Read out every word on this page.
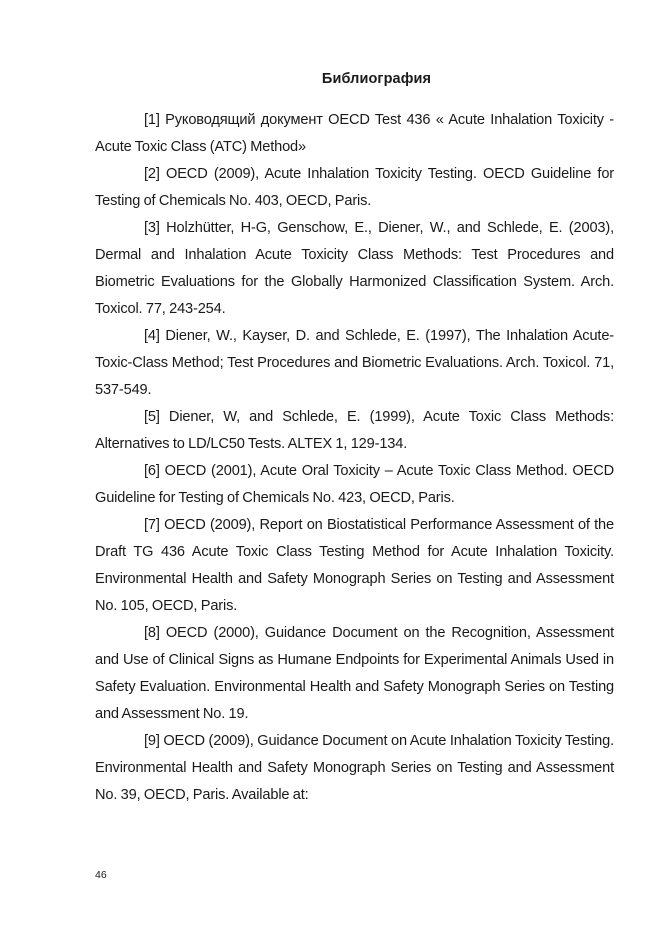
Библиография

[1] Руководящий документ OECD Test 436 « Acute Inhalation Toxicity - Acute Toxic Class (ATC) Method»

[2] OECD (2009), Acute Inhalation Toxicity Testing. OECD Guideline for Testing of Chemicals No. 403, OECD, Paris.

[3] Holzhütter, H-G, Genschow, E., Diener, W., and Schlede, E. (2003), Dermal and Inhalation Acute Toxicity Class Methods: Test Procedures and Biometric Evaluations for the Globally Harmonized Classification System. Arch. Toxicol. 77, 243-254.

[4] Diener, W., Kayser, D. and Schlede, E. (1997), The Inhalation Acute-Toxic-Class Method; Test Procedures and Biometric Evaluations. Arch. Toxicol. 71, 537-549.

[5] Diener, W, and Schlede, E. (1999), Acute Toxic Class Methods: Alternatives to LD/LC50 Tests. ALTEX 1, 129-134.

[6] OECD (2001), Acute Oral Toxicity – Acute Toxic Class Method. OECD Guideline for Testing of Chemicals No. 423, OECD, Paris.

[7] OECD (2009), Report on Biostatistical Performance Assessment of the Draft TG 436 Acute Toxic Class Testing Method for Acute Inhalation Toxicity. Environmental Health and Safety Monograph Series on Testing and Assessment No. 105, OECD, Paris.

[8] OECD (2000), Guidance Document on the Recognition, Assessment and Use of Clinical Signs as Humane Endpoints for Experimental Animals Used in Safety Evaluation. Environmental Health and Safety Monograph Series on Testing and Assessment No. 19.

[9] OECD (2009), Guidance Document on Acute Inhalation Toxicity Testing. Environmental Health and Safety Monograph Series on Testing and Assessment No. 39, OECD, Paris. Available at:

46
